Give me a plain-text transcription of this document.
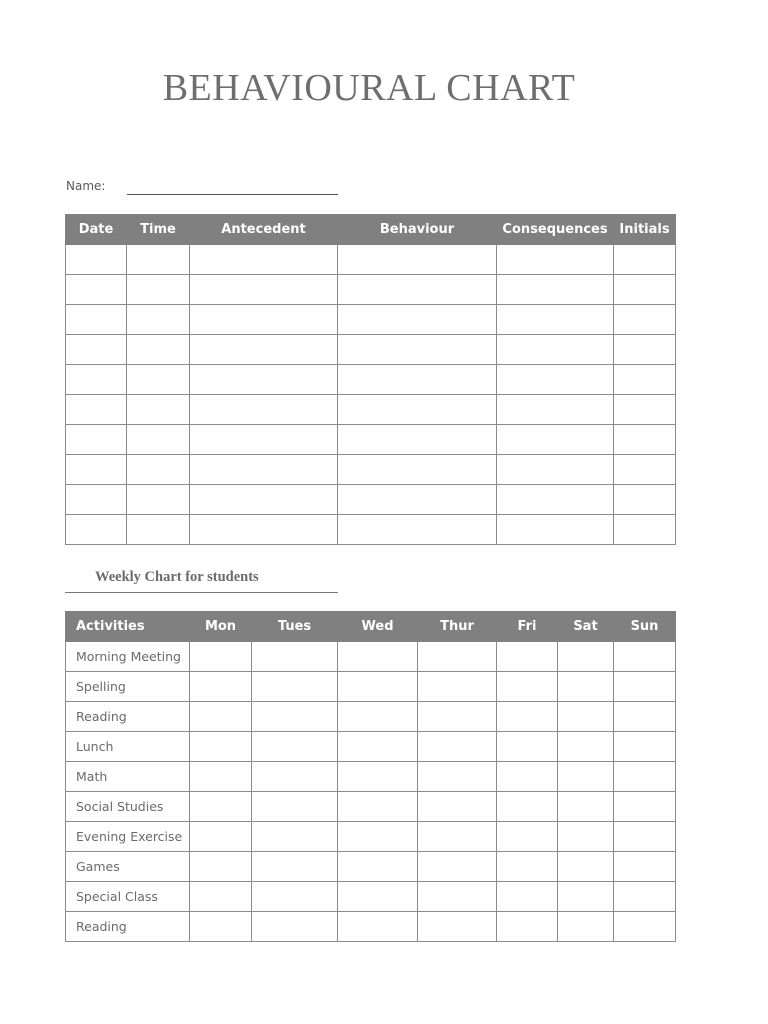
BEHAVIOURAL CHART
Name:
Date	Time	Antecedent	Behaviour	Consequences	Initials

Weekly Chart for students
Activities	Mon	Tues	Wed	Thur	Fri	Sat	Sun
Morning Meeting							
Spelling							
Reading							
Lunch							
Math							
Social Studies							
Evening Exercise							
Games							
Special Class							
Reading							
